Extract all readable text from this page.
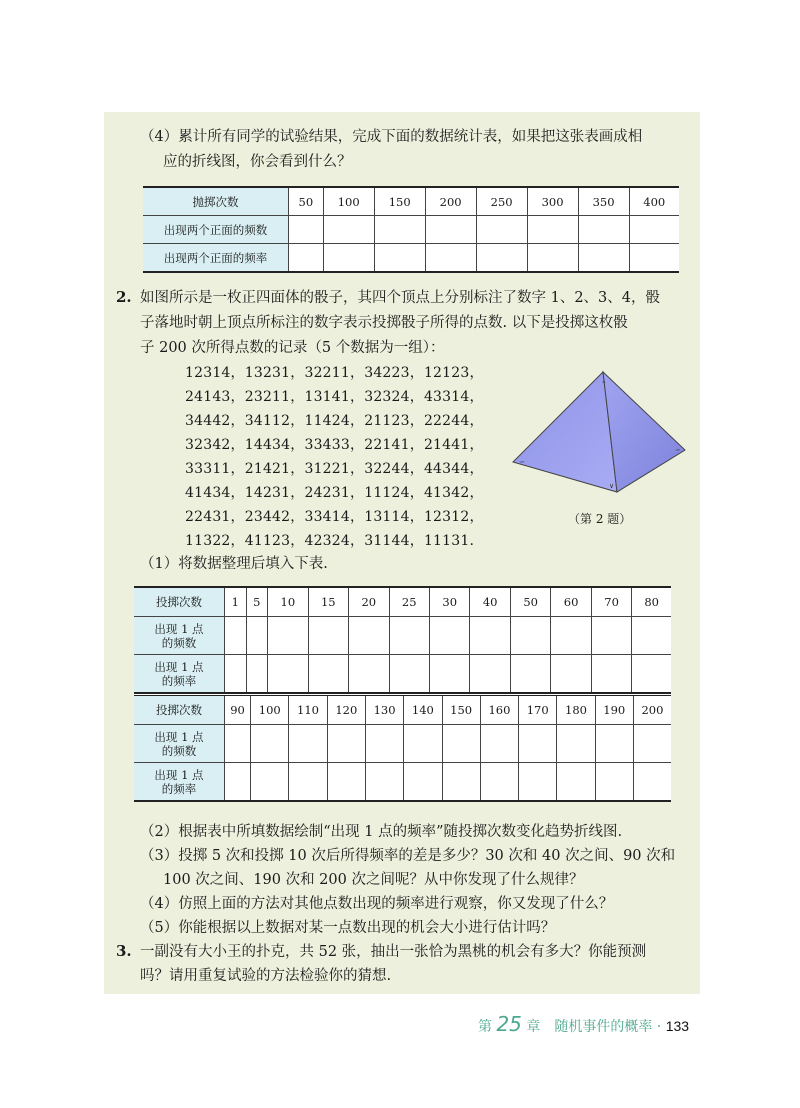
（4）累计所有同学的试验结果，完成下面的数据统计表，如果把这张表画成相
应的折线图，你会看到什么？
抛掷次数	50	100	150	200	250	300	350	400
出现两个正面的频数								
出现两个正面的频率								
2. 如图所示是一枚正四面体的骰子，其四个顶点上分别标注了数字 1、2、3、4，骰
子落地时朝上顶点所标注的数字表示投掷骰子所得的点数. 以下是投掷这枚骰
子 200 次所得点数的记录（5 个数据为一组）：
12314，13231，32211，34223，12123，
24143，23211，13141，32324，43314，
34442，34112，11424，21123，22244，
32342，14434，33433，22141，21441，
33311，21421，31221，32244，44344，
41434，14231，24231，11124，41342，
22431，23442，33414，13114，12312，
11322，41123，42324，31144，11131.
⌃
∽
∨
∽
（第 2 题）
（1）将数据整理后填入下表.
投掷次数	1	5	10	15	20	25	30	40	50	60	70	80

出现 1 点
的频数												

出现 1 点
的频率												

投掷次数	90	100	110	120	130	140	150	160	170	180	190	200

出现 1 点
的频数												

出现 1 点
的频率												

（2）根据表中所填数据绘制“出现 1 点的频率”随投掷次数变化趋势折线图.
（3）投掷 5 次和投掷 10 次后所得频率的差是多少？30 次和 40 次之间、90 次和
100 次之间、190 次和 200 次之间呢？从中你发现了什么规律？
（4）仿照上面的方法对其他点数出现的频率进行观察，你又发现了什么？
（5）你能根据以上数据对某一点数出现的机会大小进行估计吗？
3. 一副没有大小王的扑克，共 52 张，抽出一张恰为黑桃的机会有多大？你能预测
吗？请用重复试验的方法检验你的猜想.
第 25 章　随机事件的概率 · 133
